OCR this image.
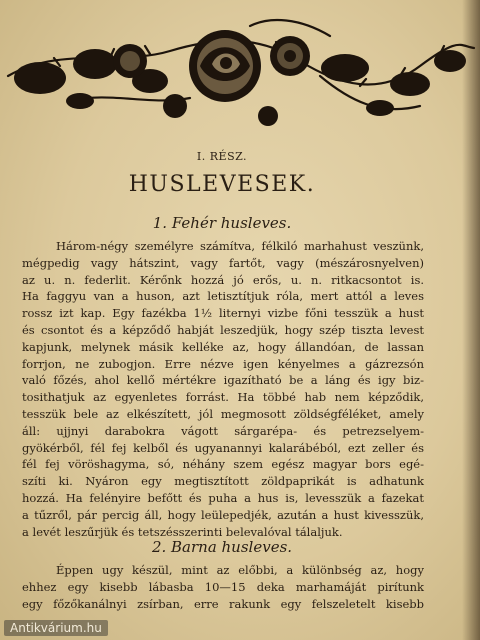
I. RÉSZ.
HUSLEVESEK.
1. Fehér husleves.
Három-négy személyre számítva, félkiló marhahust veszünk,
mégpedig vagy hátszint, vagy fartőt, vagy (mészárosnyelven)
az u. n. federlit. Kérőnk hozzá jó erős, u. n. ritkacsontot is.
Ha faggyu van a huson, azt letisztítjuk róla, mert attól a leves
rossz izt kap. Egy fazékba 1½ liternyi vizbe főni tesszük a hust
és csontot és a képződő habját leszedjük, hogy szép tiszta levest
kapjunk, melynek másik kelléke az, hogy állandóan, de lassan
forrjon, ne zubogjon. Erre nézve igen kényelmes a gázrezsón
való főzés, ahol kellő mértékre igazítható be a láng és igy biz-
tosithatjuk az egyenletes forrást. Ha többé hab nem képződik,
tesszük bele az elkészített, jól megmosott zöldségféléket, amely
áll: ujjnyi darabokra vágott sárgarépa- és petrezselyem-
gyökérből, fél fej kelből és ugyanannyi kalarábéból, ezt zeller és
fél fej vöröshagyma, só, néhány szem egész magyar bors egé-
szíti ki. Nyáron egy megtisztított zöldpaprikát is adhatunk
hozzá. Ha felényire befőtt és puha a hus is, levesszük a fazekat
a tűzről, pár percig áll, hogy leülepedjék, azután a hust kivesszük,
a levét leszűrjük és tetszésszerinti belevalóval tálaljuk.
2. Barna husleves.
Éppen ugy készül, mint az előbbi, a különbség az, hogy
ehhez egy kisebb lábasba 10—15 deka marhamáját pirítunk
egy főzőkanálnyi zsírban, erre rakunk egy felszeletelt kisebb
Antikvárium.hu
